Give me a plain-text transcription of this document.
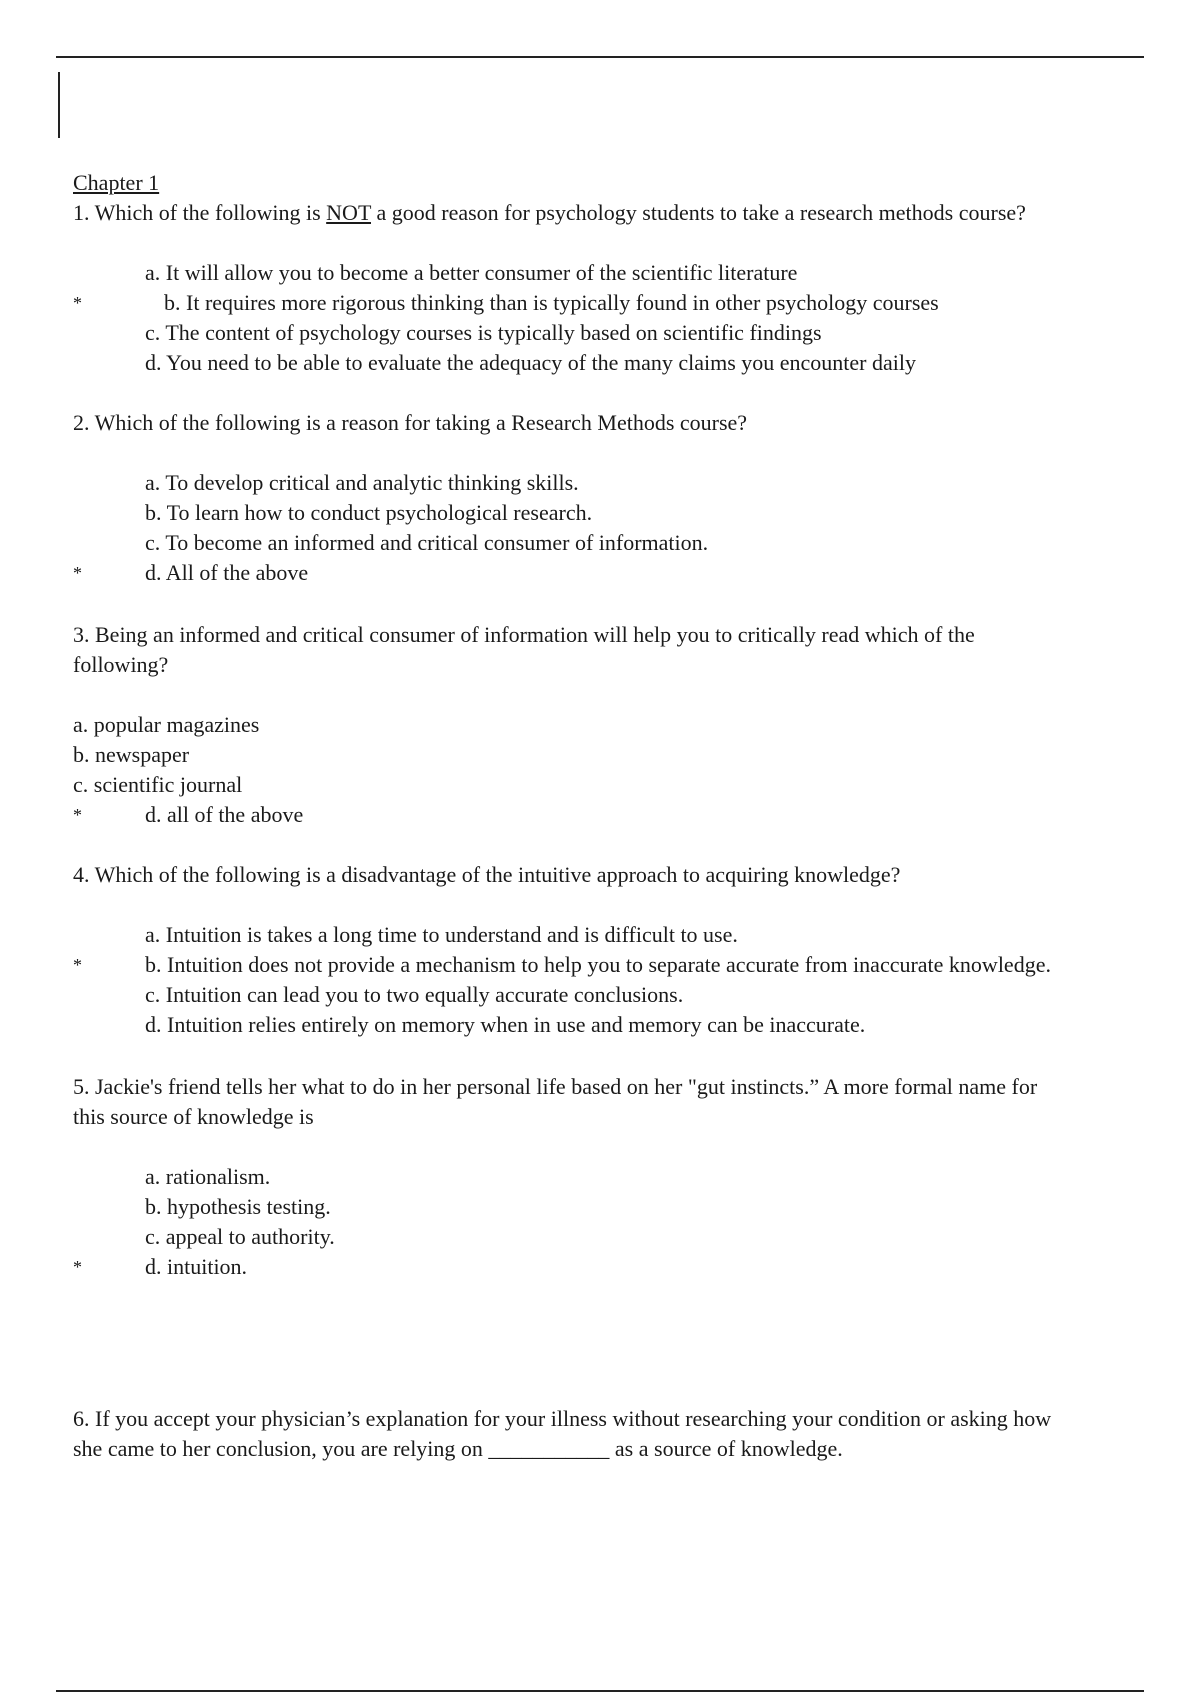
Chapter 1
1. Which of the following is NOT a good reason for psychology students to take a research methods course?
a. It will allow you to become a better consumer of the scientific literature
*	b. It requires more rigorous thinking than is typically found in other psychology courses
c. The content of psychology courses is typically based on scientific findings
d. You need to be able to evaluate the adequacy of the many claims you encounter daily
2. Which of the following is a reason for taking a Research Methods course?
a. To develop critical and analytic thinking skills.
b. To learn how to conduct psychological research.
c. To become an informed and critical consumer of information.
*	d. All of the above
3. Being an informed and critical consumer of information will help you to critically read which of the
following?
a. popular magazines
b. newspaper
c. scientific journal
*	d. all of the above
4. Which of the following is a disadvantage of the intuitive approach to acquiring knowledge?
a. Intuition is takes a long time to understand and is difficult to use.
*	b. Intuition does not provide a mechanism to help you to separate accurate from inaccurate knowledge.
c. Intuition can lead you to two equally accurate conclusions.
d. Intuition relies entirely on memory when in use and memory can be inaccurate.
5. Jackie's friend tells her what to do in her personal life based on her "gut instincts.” A more formal name for
this source of knowledge is
a. rationalism.
b. hypothesis testing.
c. appeal to authority.
*	d. intuition.
6. If you accept your physician’s explanation for your illness without researching your condition or asking how
she came to her conclusion, you are relying on ___________ as a source of knowledge.
